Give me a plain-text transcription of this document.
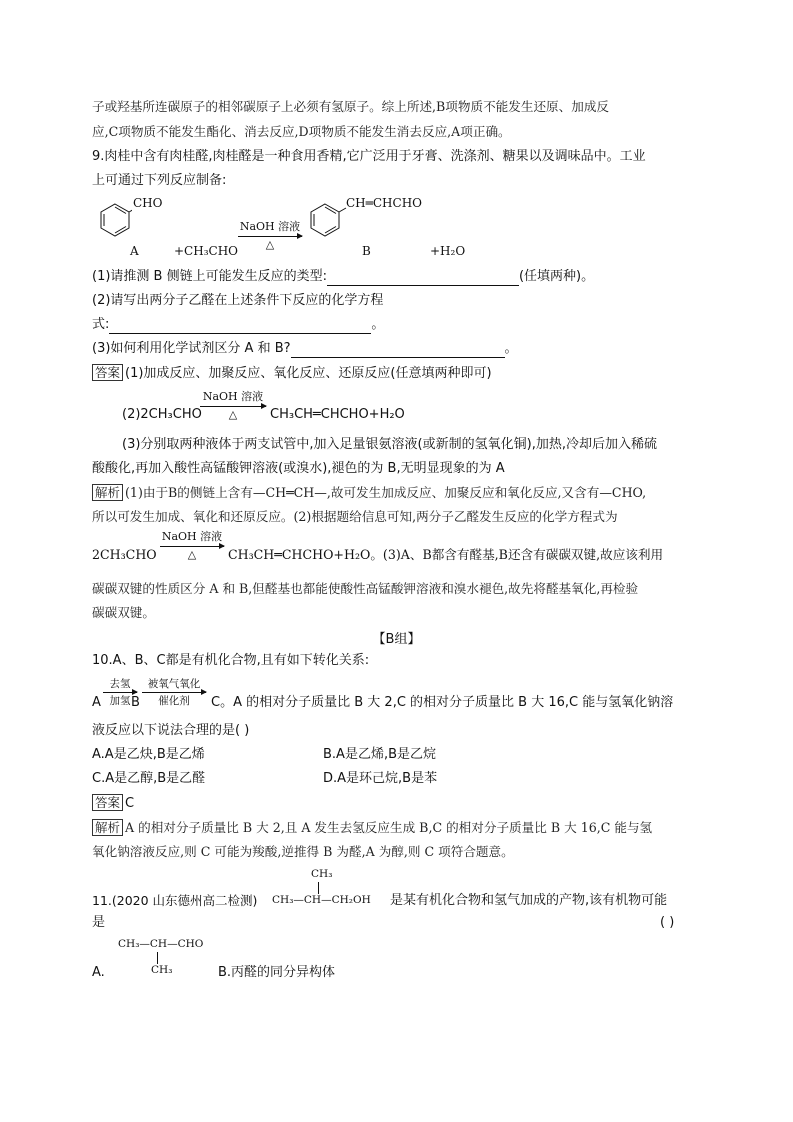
子或羟基所连碳原子的相邻碳原子上必须有氢原子。综上所述,B项物质不能发生还原、加成反
应,C项物质不能发生酯化、消去反应,D项物质不能发生消去反应,A项正确。
9.肉桂中含有肉桂醛,肉桂醛是一种食用香精,它广泛用于牙膏、洗涤剂、糖果以及调味品中。工业
上可通过下列反应制备:
CHO
A	+CH₃CHO
NaOH 溶液
△
CH═CHCHO
B	+H₂O
(1)请推测 B 侧链上可能发生反应的类型:	(任填两种)。
(2)请写出两分子乙醛在上述条件下反应的化学方程
式:	。
(3)如何利用化学试剂区分 A 和 B?	。
答案 (1)加成反应、加聚反应、氧化反应、还原反应(任意填两种即可)
(2)2CH₃CHO
NaOH 溶液
△	CH₃CH═CHCHO+H₂O
(3)分别取两种液体于两支试管中,加入足量银氨溶液(或新制的氢氧化铜),加热,冷却后加入稀硫
酸酸化,再加入酸性高锰酸钾溶液(或溴水),褪色的为 B,无明显现象的为 A
解析 (1)由于B的侧链上含有—CH═CH—,故可发生加成反应、加聚反应和氧化反应,又含有—CHO,
所以可发生加成、氧化和还原反应。(2)根据题给信息可知,两分子乙醛发生反应的化学方程式为
2CH₃CHO
NaOH 溶液
△	CH₃CH═CHCHO+H₂O。(3)A、B都含有醛基,B还含有碳碳双键,故应该利用
碳碳双键的性质区分 A 和 B,但醛基也都能使酸性高锰酸钾溶液和溴水褪色,故先将醛基氧化,再检验
碳碳双键。
【B组】
10.A、B、C都是有机化合物,且有如下转化关系:
A
去氢
加氢 B
被氧气氧化
催化剂	C。A 的相对分子质量比 B 大 2,C 的相对分子质量比 B 大 16,C 能与氢氧化钠溶
液反应以下说法合理的是( )
A.A是乙炔,B是乙烯	B.A是乙烯,B是乙烷
C.A是乙醇,B是乙醛	D.A是环己烷,B是苯
答案 C
解析 A 的相对分子质量比 B 大 2,且 A 发生去氢反应生成 B,C 的相对分子质量比 B 大 16,C 能与氢
氧化钠溶液反应,则 C 可能为羧酸,逆推得 B 为醛,A 为醇,则 C 项符合题意。
11.(2020 山东德州高二检测)
CH₃
CH₃—CH—CH₂OH 是某有机化合物和氢气加成的产物,该有机物可能
是	( )
CH₃—CH—CHO
CH₃
A.	B.丙醛的同分异构体
